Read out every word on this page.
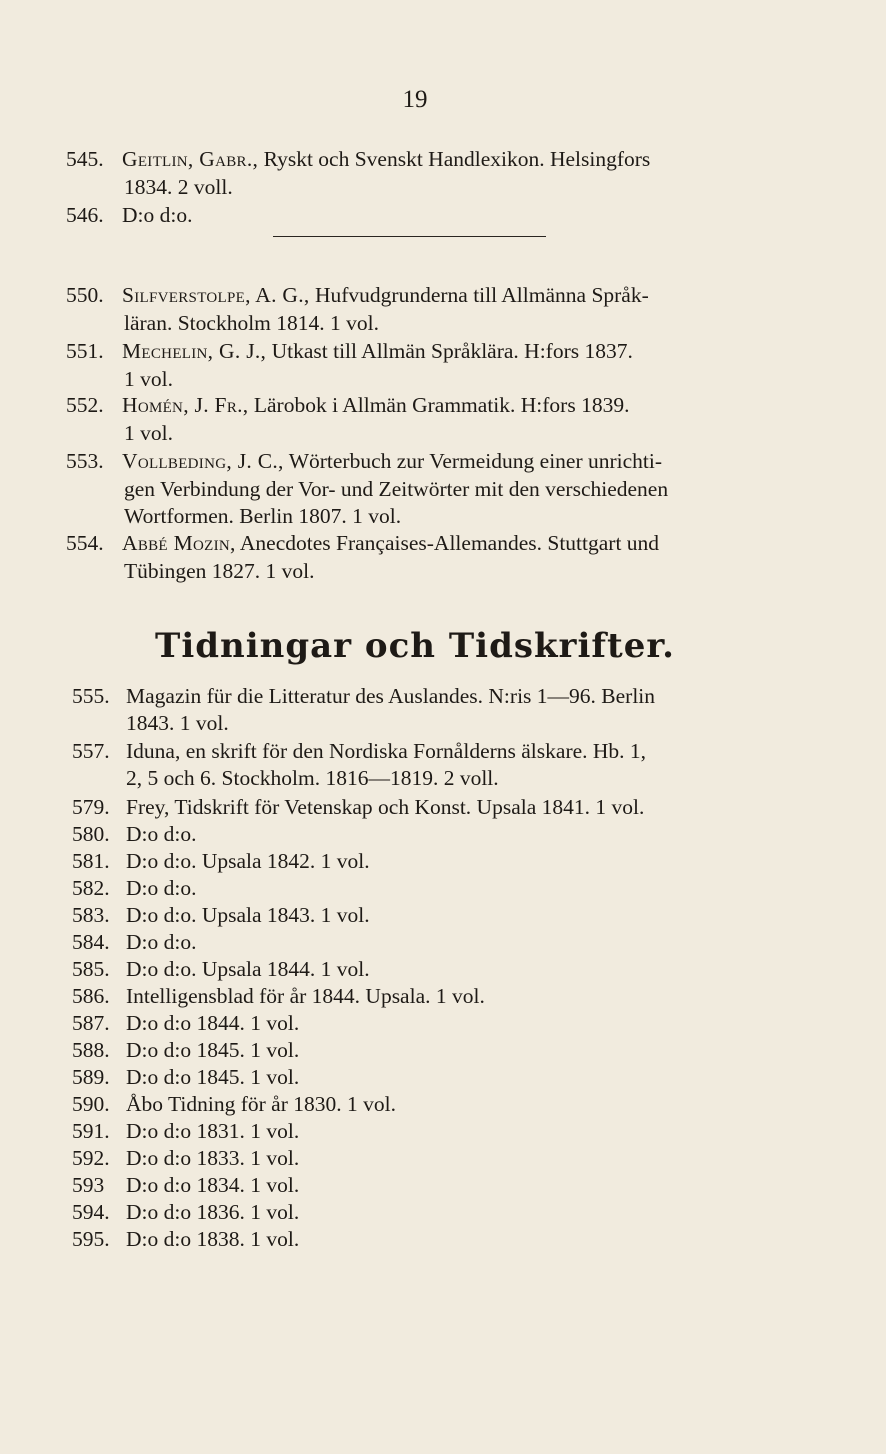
19
545. Geitlin, Gabr., Ryskt och Svenskt Handlexikon. Helsingfors
1834. 2 voll.
546. D:o d:o.
550. Silfverstolpe, A. G., Hufvudgrunderna till Allmänna Språk-
läran. Stockholm 1814. 1 vol.
551. Mechelin, G. J., Utkast till Allmän Språklära. H:fors 1837.
1 vol.
552. Homén, J. Fr., Lärobok i Allmän Grammatik. H:fors 1839.
1 vol.
553. Vollbeding, J. C., Wörterbuch zur Vermeidung einer unrichti-
gen Verbindung der Vor- und Zeitwörter mit den verschiedenen
Wortformen. Berlin 1807. 1 vol.
554. Abbé Mozin, Anecdotes Françaises-Allemandes. Stuttgart und
Tübingen 1827. 1 vol.
Tidningar och Tidskrifter.
555. Magazin für die Litteratur des Auslandes. N:ris 1—96. Berlin
1843. 1 vol.
557. Iduna, en skrift för den Nordiska Fornålderns älskare. Hb. 1,
2, 5 och 6. Stockholm. 1816—1819. 2 voll.
579. Frey, Tidskrift för Vetenskap och Konst. Upsala 1841. 1 vol.
580. D:o d:o.
581. D:o d:o. Upsala 1842. 1 vol.
582. D:o d:o.
583. D:o d:o. Upsala 1843. 1 vol.
584. D:o d:o.
585. D:o d:o. Upsala 1844. 1 vol.
586. Intelligensblad för år 1844. Upsala. 1 vol.
587. D:o d:o 1844. 1 vol.
588. D:o d:o 1845. 1 vol.
589. D:o d:o 1845. 1 vol.
590. Åbo Tidning för år 1830. 1 vol.
591. D:o d:o 1831. 1 vol.
592. D:o d:o 1833. 1 vol.
593 D:o d:o 1834. 1 vol.
594. D:o d:o 1836. 1 vol.
595. D:o d:o 1838. 1 vol.
